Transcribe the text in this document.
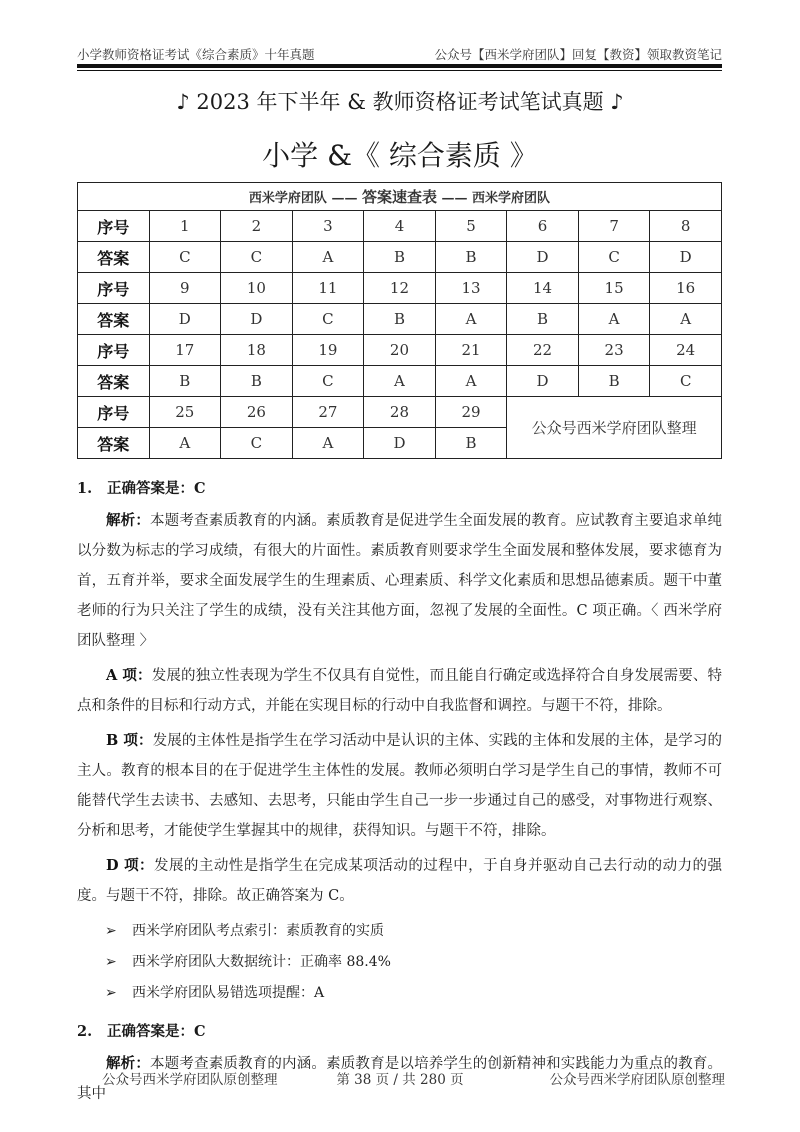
小学教师资格证考试《综合素质》十年真题	公众号【西米学府团队】回复【教资】领取教资笔记
♪ 2023 年下半年 & 教师资格证考试笔试真题 ♪
小学 &《 综合素质 》
西米学府团队 —— 答案速查表 —— 西米学府团队								
序号	1	2	3	4	5	6	7	8
答案	C	C	A	B	B	D	C	D
序号	9	10	11	12	13	14	15	16
答案	D	D	C	B	A	B	A	A
序号	17	18	19	20	21	22	23	24
答案	B	B	C	A	A	D	B	C
序号	25	26	27	28	29	公众号西米学府团队整理		
答案	A	C	A	D	B			
1. 正确答案是：C
解析：本题考查素质教育的内涵。素质教育是促进学生全面发展的教育。应试教育主要追求单纯以分数为标志的学习成绩，有很大的片面性。素质教育则要求学生全面发展和整体发展，要求德育为首，五育并举，要求全面发展学生的生理素质、心理素质、科学文化素质和思想品德素质。题干中董老师的行为只关注了学生的成绩，没有关注其他方面，忽视了发展的全面性。C 项正确。〈 西米学府团队整理 〉
A 项：发展的独立性表现为学生不仅具有自觉性，而且能自行确定或选择符合自身发展需要、特点和条件的目标和行动方式，并能在实现目标的行动中自我监督和调控。与题干不符，排除。
B 项：发展的主体性是指学生在学习活动中是认识的主体、实践的主体和发展的主体，是学习的主人。教育的根本目的在于促进学生主体性的发展。教师必须明白学习是学生自己的事情，教师不可能替代学生去读书、去感知、去思考，只能由学生自己一步一步通过自己的感受，对事物进行观察、分析和思考，才能使学生掌握其中的规律，获得知识。与题干不符，排除。
D 项：发展的主动性是指学生在完成某项活动的过程中，于自身并驱动自己去行动的动力的强度。与题干不符，排除。故正确答案为 C。
➢ 西米学府团队考点索引：素质教育的实质
➢ 西米学府团队大数据统计：正确率 88.4%
➢ 西米学府团队易错选项提醒：A
2. 正确答案是：C
解析：本题考查素质教育的内涵。素质教育是以培养学生的创新精神和实践能力为重点的教育。其中
公众号西米学府团队原创整理	第 38 页 / 共 280 页	公众号西米学府团队原创整理
